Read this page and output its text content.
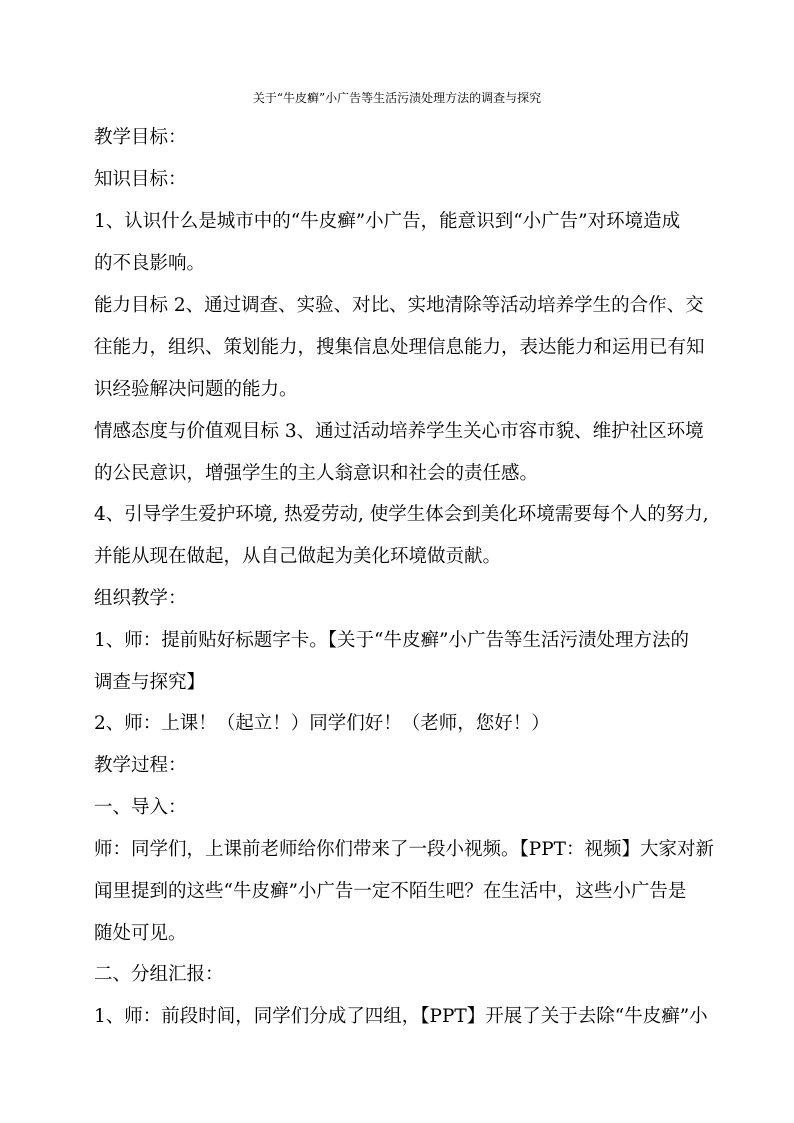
关于“牛皮癣”小广告等生活污渍处理方法的调查与探究
教学目标：
知识目标：
1、认识什么是城市中的“牛皮癣”小广告，能意识到“小广告”对环境造成
的不良影响。
能力目标 2、通过调查、实验、对比、实地清除等活动培养学生的合作、交
往能力，组织、策划能力，搜集信息处理信息能力，表达能力和运用已有知
识经验解决问题的能力。
情感态度与价值观目标 3、通过活动培养学生关心市容市貌、维护社区环境
的公民意识，增强学生的主人翁意识和社会的责任感。
4、引导学生爱护环境, 热爱劳动, 使学生体会到美化环境需要每个人的努力,
并能从现在做起，从自己做起为美化环境做贡献。
组织教学：
1、师：提前贴好标题字卡。【关于“牛皮癣”小广告等生活污渍处理方法的
调查与探究】
2、师：上课！（起立！）同学们好！（老师，您好！）
教学过程：
一、导入：
师：同学们，上课前老师给你们带来了一段小视频。【PPT：视频】大家对新
闻里提到的这些“牛皮癣”小广告一定不陌生吧？在生活中，这些小广告是
随处可见。
二、分组汇报：
1、师：前段时间，同学们分成了四组，【PPT】开展了关于去除“牛皮癣”小
